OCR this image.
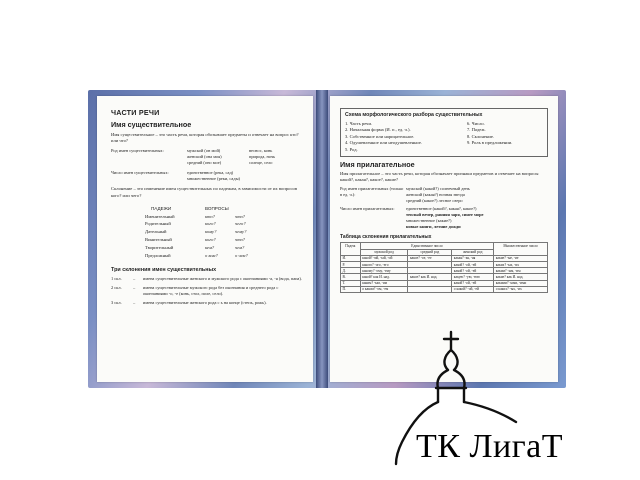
ЧАСТИ РЕЧИ
Имя существительное
Имя существительное – это часть речи, которая обозначает предметы и отвечает на вопрос кто? или что?
Род имен существительных:	мужской (он мой)	веснос, конь
женский (она моя)	природа, ночь
средний (оно мое)	солнце, село
Число имен существительных:	единственное (река, сад)
множественное (реки, сады)
Склонение – это изменение имен существительных по падежам, в зависимости от их вопросов кого? или чего?
ПАДЕЖИ	ВОПРОСЫ
Именительный	кто?	что?
Родительный	кого?	чего?
Дательный	кому?	чему?
Винительный	кого?	что?
Творительный	кем?	чем?
Предложный	о ком?	о чем?
Три склонения имен существительных
1 скл.	–	имена существительные женского и мужского рода с окончаниями -а, -я (вода, папа).
2 скл.	–	имена существительные мужского рода без окончания и среднего рода с окончаниями -о, -е (конь, стол, поле, село).
3 скл.	–	имена существительные женского рода с ь на конце (степь, рожь).
Схема морфологического разбора существительных
1. Часть речи.
2. Начальная форма (И. п., ед. ч.).
3. Собственное или нарицательное.
4. Одушевленное или неодушевленное.
5. Род.
6. Число.
7. Падеж.
8. Склонение.
9. Роль в предложении.
Имя прилагательное
Имя прилагательное – это часть речи, которая обозначает признаки предметов и отвечает на вопросы какой?, какая?, какое?, какие?
Род имен прилагательных (только в ед. ч.):
мужской (какой?) солнечный день
женский (какая?) ночная звезда
средний (какое?) лесное озеро
Число имен прилагательных:	единственное (какой?, какая?, какое?)
теплый вечер, ранняя заря, синее море
множественное (какие?)
новые книги, летние дожди
Таблица склонения прилагательных
Падеж	Единственное число			Множественное число
	мужской род	средний род	женский род	
И.	какой? -ий, -ый, -ой	какое? -ое, -ее	какая? -ая, -яя	какие? -ые, -ие
Р.	какого? -ого, -его		какой? -ой, -ей	каких? -ых, -их
Д.	какому? -ому, -ему		какой? -ой, -ей	каким? -ым, -им
В.	какой? как И. над.	какое? как И. над.	какую? -ую, -юю	какие? как И. над.
Т.	каким? -ым, -им		какой? -ой, -ей	какими? -ыми, -ими
П.	о каком? -ом, -ем		о какой? -ой, -ей	о каких? -ых, -их
ТК ЛигаТ
